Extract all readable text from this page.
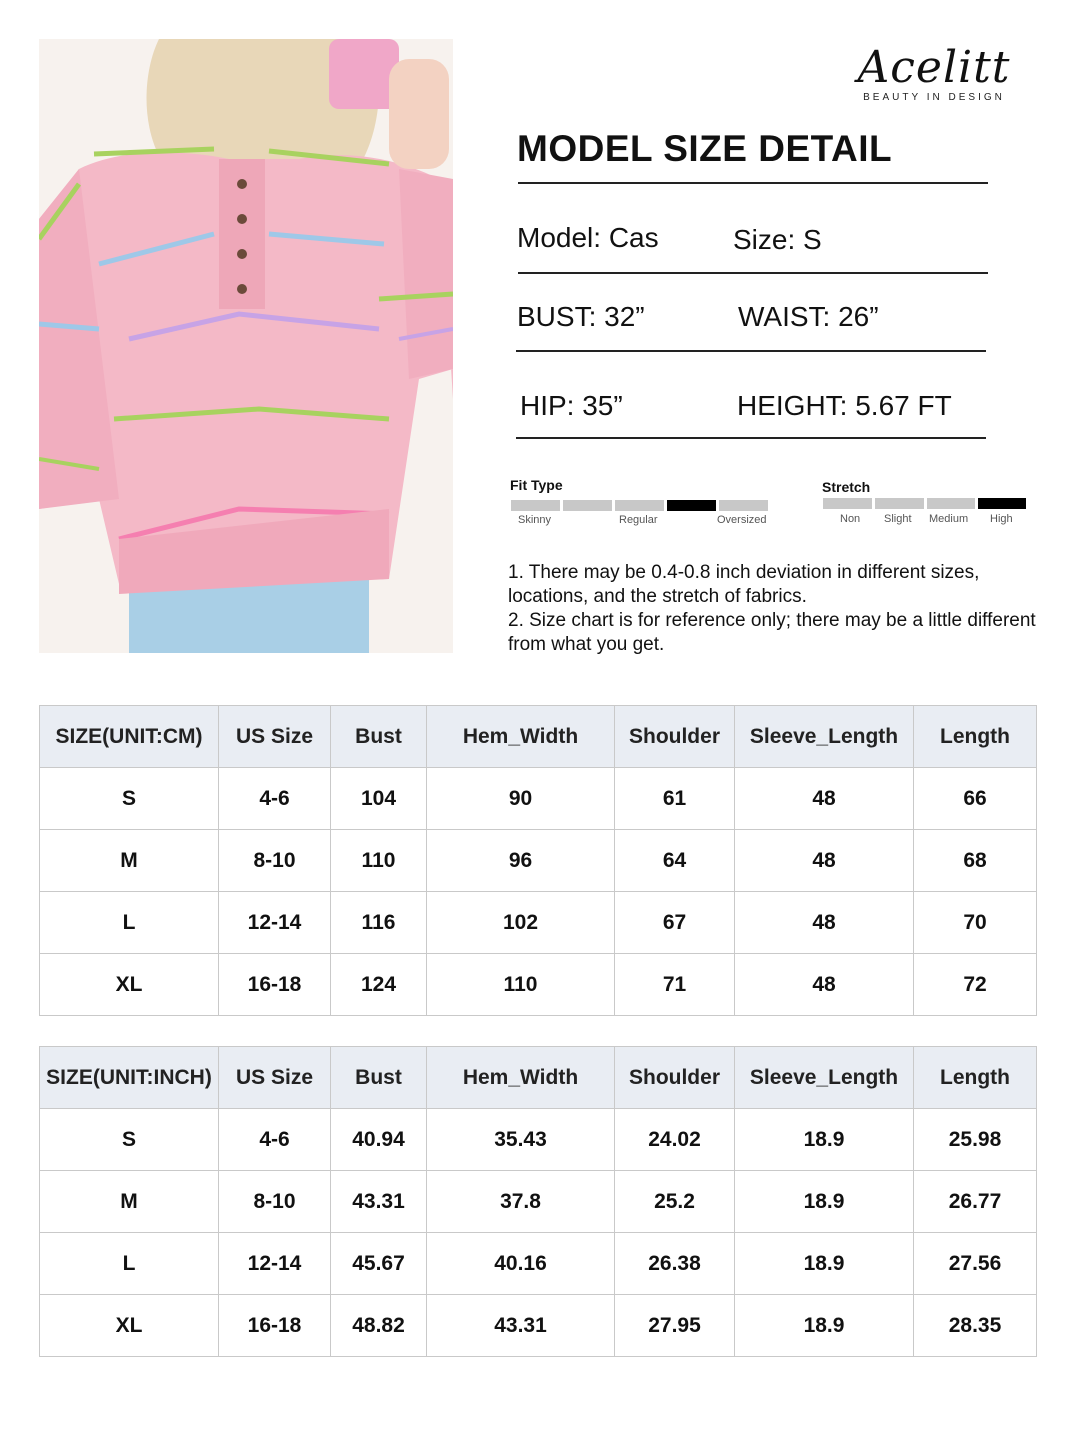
Acelitt
BEAUTY IN DESIGN
MODEL SIZE DETAIL
Model: Cas	Size: S
BUST: 32”	WAIST: 26”
HIP: 35”	HEIGHT: 5.67 FT
Fit Type
Skinny	Regular	Oversized
Stretch
Non Slight Medium High

1. There may be 0.4-0.8 inch deviation in different sizes, locations, and the stretch of fabrics.

2. Size chart is for reference only; there may be a little different from what you get.

SIZE(UNIT:CM)	US Size	Bust	Hem_Width	Shoulder	Sleeve_Length	Length
S	4-6	104	90	61	48	66
M	8-10	110	96	64	48	68
L	12-14	116	102	67	48	70
XL	16-18	124	110	71	48	72
SIZE(UNIT:INCH)	US Size	Bust	Hem_Width	Shoulder	Sleeve_Length	Length
S	4-6	40.94	35.43	24.02	18.9	25.98
M	8-10	43.31	37.8	25.2	18.9	26.77
L	12-14	45.67	40.16	26.38	18.9	27.56
XL	16-18	48.82	43.31	27.95	18.9	28.35
